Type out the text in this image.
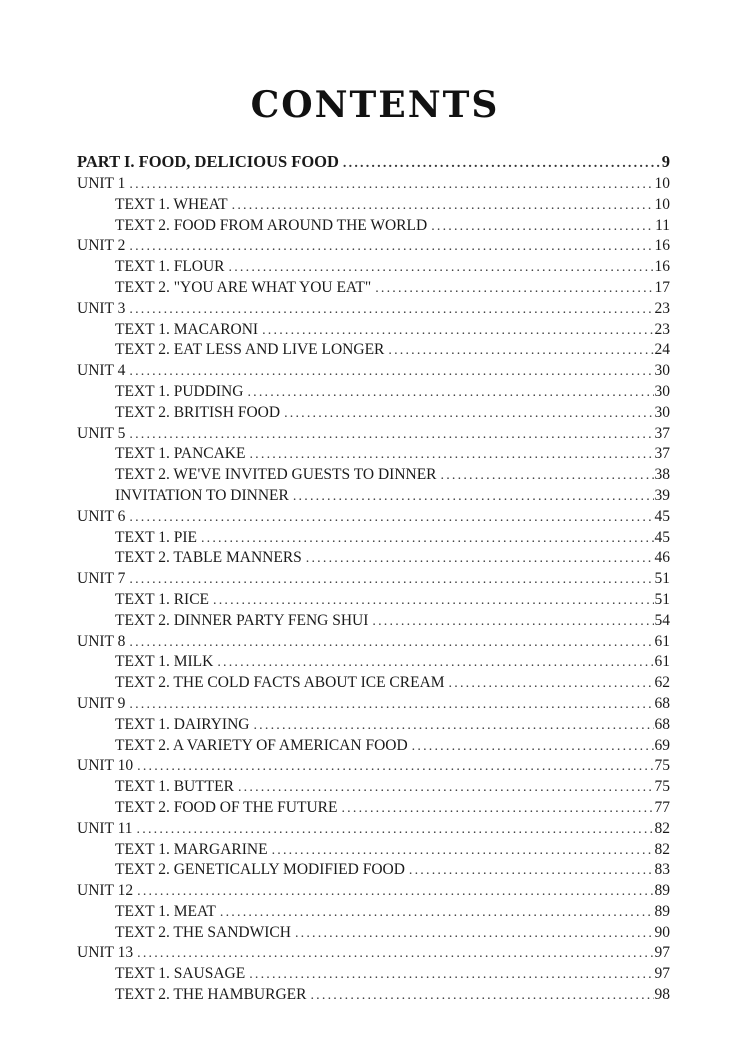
CONTENTS
PART I. FOOD, DELICIOUS FOOD .....	9
UNIT 1 .....	10
TEXT 1. WHEAT .....	10
TEXT 2. FOOD FROM AROUND THE WORLD .....	11
UNIT 2 .....	16
TEXT 1. FLOUR .....	16
TEXT 2. "YOU ARE WHAT YOU EAT" .....	17
UNIT 3 .....	23
TEXT 1. MACARONI .....	23
TEXT 2. EAT LESS AND LIVE LONGER .....	24
UNIT 4 .....	30
TEXT 1. PUDDING .....	30
TEXT 2. BRITISH FOOD .....	30
UNIT 5 .....	37
TEXT 1. PANCAKE .....	37
TEXT 2. WE'VE INVITED GUESTS TO DINNER .....	38
INVITATION TO DINNER .....	39
UNIT 6 .....	45
TEXT 1. PIE .....	45
TEXT 2. TABLE MANNERS .....	46
UNIT 7 .....	51
TEXT 1. RICE .....	51
TEXT 2. DINNER PARTY FENG SHUI .....	54
UNIT 8 .....	61
TEXT 1. MILK .....	61
TEXT 2. THE COLD FACTS ABOUT ICE CREAM .....	62
UNIT 9 .....	68
TEXT 1. DAIRYING .....	68
TEXT 2. A VARIETY OF AMERICAN FOOD .....	69
UNIT 10 .....	75
TEXT 1. BUTTER .....	75
TEXT 2. FOOD OF THE FUTURE .....	77
UNIT 11 .....	82
TEXT 1. MARGARINE .....	82
TEXT 2. GENETICALLY MODIFIED FOOD .....	83
UNIT 12 .....	89
TEXT 1. MEAT .....	89
TEXT 2. THE SANDWICH .....	90
UNIT 13 .....	97
TEXT 1. SAUSAGE .....	97
TEXT 2. THE HAMBURGER .....	98
